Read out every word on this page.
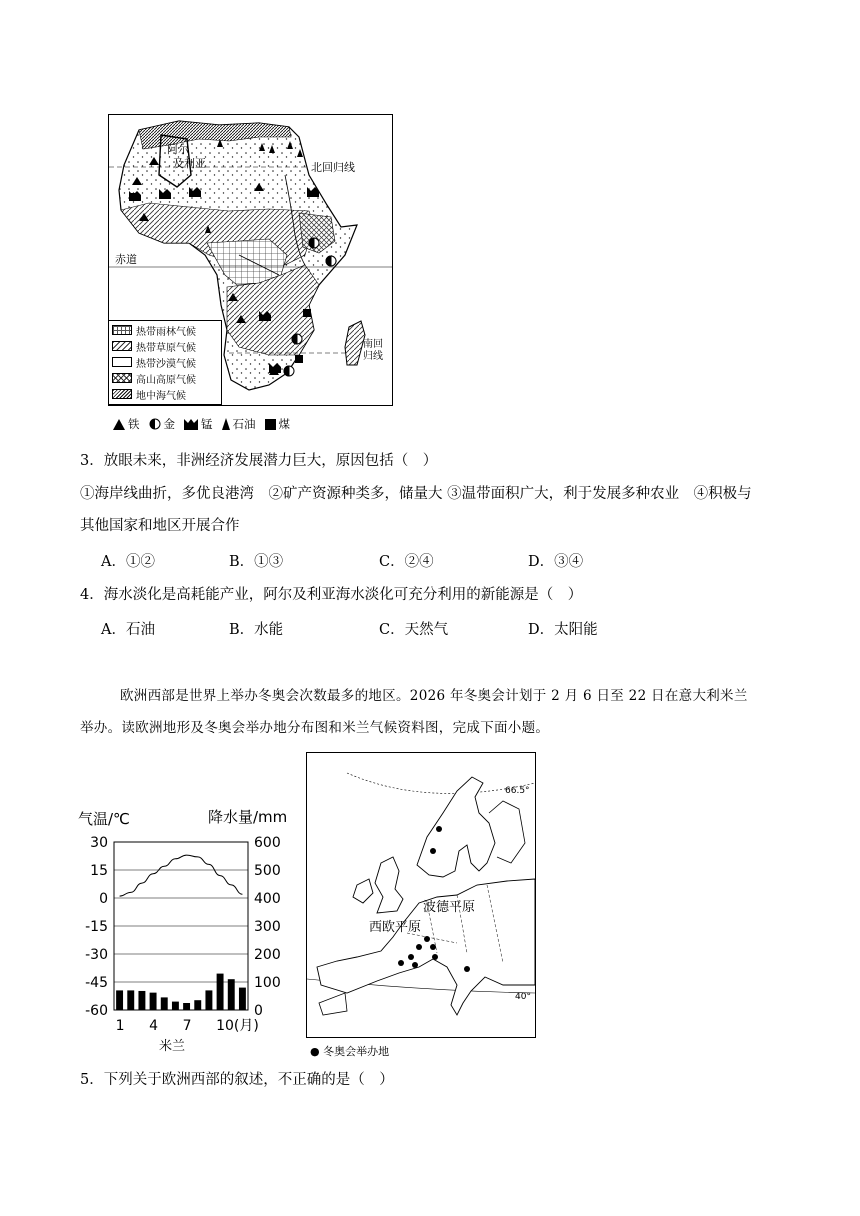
阿尔
及利亚	北回归线
赤道
南回
归线
热带雨林气候
热带草原气候
热带沙漠气候
高山高原气候
地中海气候
铁 金 锰 石油 煤
3．放眼未来，非洲经济发展潜力巨大，原因包括（　）
①海岸线曲折，多优良港湾　②矿产资源种类多，储量大 ③温带面积广大，利于发展多种农业　④积极与
其他国家和地区开展合作
A．①②	B．①③	C．②④	D．③④
4．海水淡化是高耗能产业，阿尔及利亚海水淡化可充分利用的新能源是（　）
A．石油	B．水能	C．天然气	D．太阳能
欧洲西部是世界上举办冬奥会次数最多的地区。2026 年冬奥会计划于 2 月 6 日至 22 日在意大利米兰
举办。读欧洲地形及冬奥会举办地分布图和米兰气候资料图，完成下面小题。
气温/℃	降水量/mm
30
15
0
-15
-30
-45
-60
600
500
400
300
200
100
0
1 4 7 10(月)
米兰
波德平原
西欧平原
66.5°
40°
● 冬奥会举办地
5．下列关于欧洲西部的叙述，不正确的是（　）
